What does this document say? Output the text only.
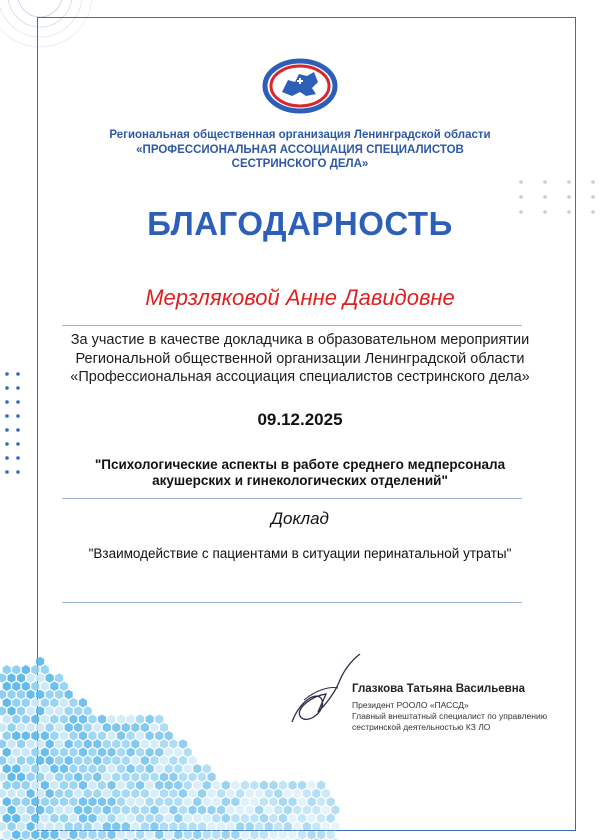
Региональная общественная организация Ленинградской области
«ПРОФЕССИОНАЛЬНАЯ АССОЦИАЦИЯ СПЕЦИАЛИСТОВ
СЕСТРИНСКОГО ДЕЛА»
БЛАГОДАРНОСТЬ
Мерзляковой Анне Давидовне
За участие в качестве докладчика в образовательном мероприятии
Региональной общественной организации Ленинградской области
«Профессиональная ассоциация специалистов сестринского дела»
09.12.2025
"Психологические аспекты в работе среднего медперсонала
акушерских и гинекологических отделений"
Доклад
"Взаимодействие с пациентами в ситуации перинатальной утраты"
Глазкова Татьяна Васильевна
Президент РООЛО «ПАССД»
Главный внештатный специалист по управлению
сестринской деятельностью КЗ ЛО
